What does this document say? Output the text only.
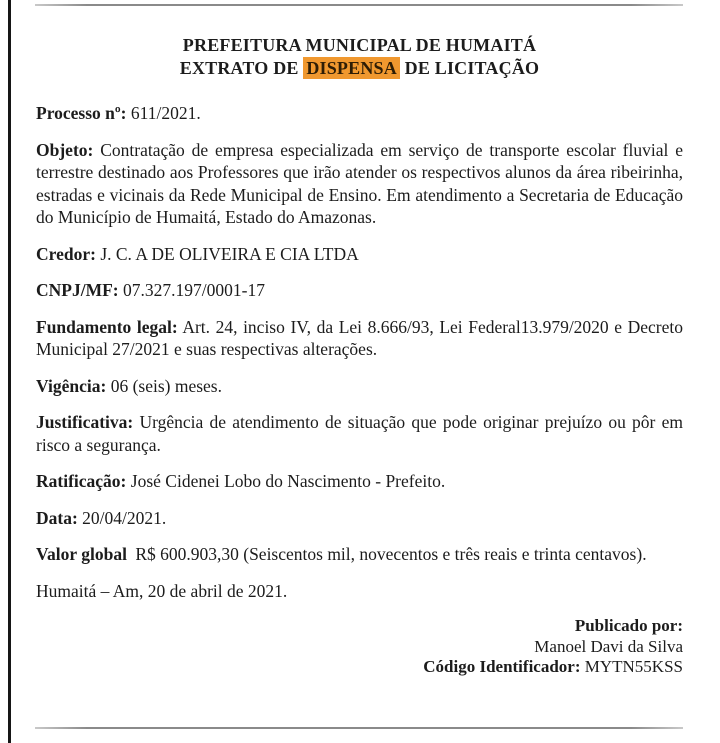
PREFEITURA MUNICIPAL DE HUMAITÁ
EXTRATO DE DISPENSA DE LICITAÇÃO

Processo nº: 611/2021.

Objeto: Contratação de empresa especializada em serviço de transporte escolar fluvial e terrestre destinado aos Professores que irão atender os respectivos alunos da área ribeirinha, estradas e vicinais da Rede Municipal de Ensino. Em atendimento a Secretaria de Educação do Município de Humaitá, Estado do Amazonas.

Credor: J. C. A DE OLIVEIRA E CIA LTDA

CNPJ/MF: 07.327.197/0001-17

Fundamento legal: Art. 24, inciso IV, da Lei 8.666/93, Lei Federal13.979/2020 e Decreto Municipal 27/2021 e suas respectivas alterações.

Vigência: 06 (seis) meses.

Justificativa: Urgência de atendimento de situação que pode originar prejuízo ou pôr em risco a segurança.

Ratificação: José Cidenei Lobo do Nascimento - Prefeito.

Data: 20/04/2021.

Valor global R$ 600.903,30 (Seiscentos mil, novecentos e três reais e trinta centavos).

Humaitá – Am, 20 de abril de 2021.

Publicado por:
Manoel Davi da Silva
Código Identificador: MYTN55KSS
